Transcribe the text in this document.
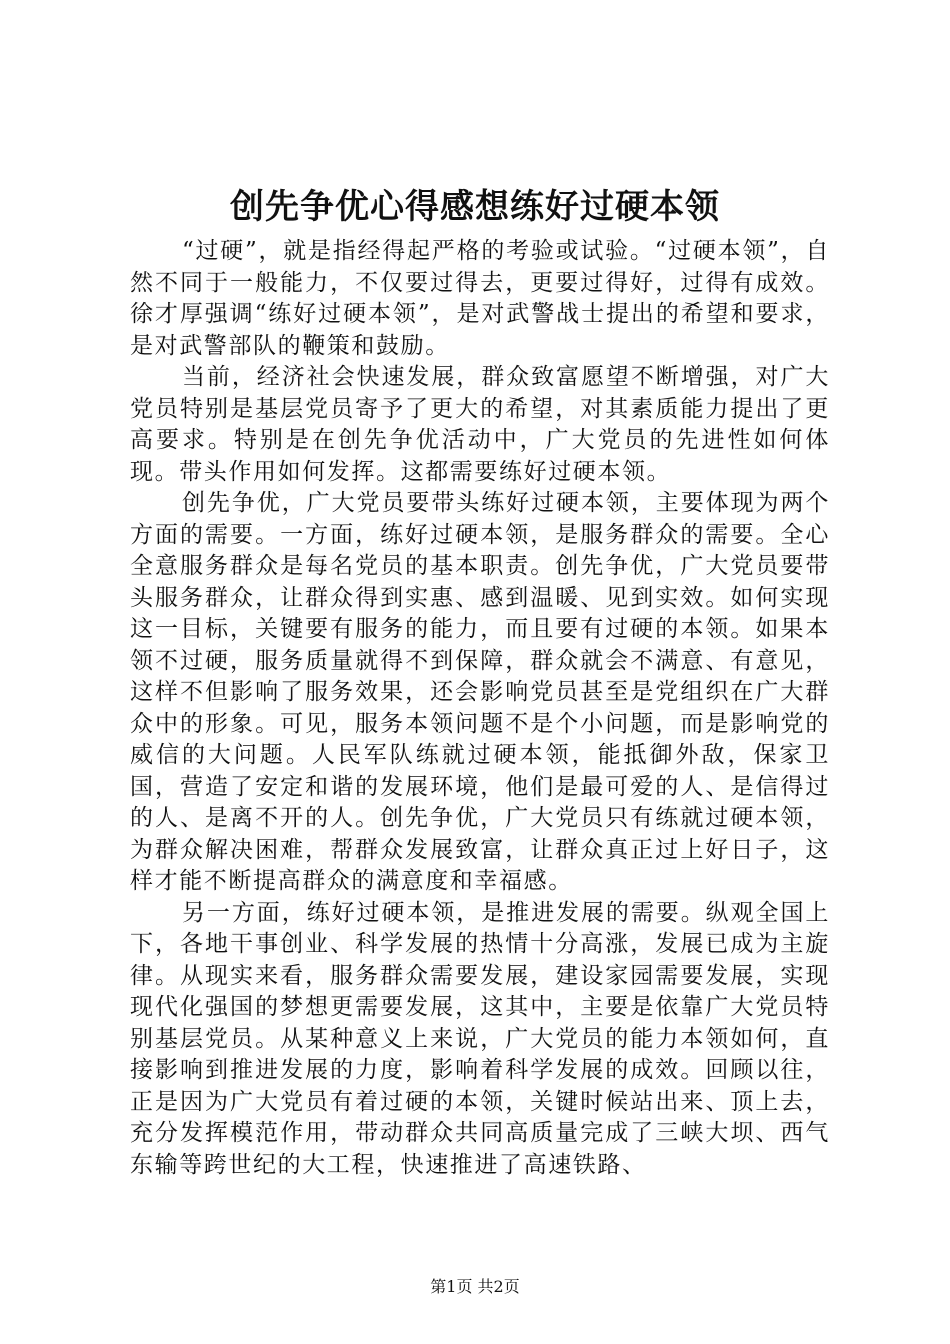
创先争优心得感想练好过硬本领

“过硬”，就是指经得起严格的考验或试验。“过硬本领”，自然不同于一般能力，不仅要过得去，更要过得好，过得有成效。徐才厚强调“练好过硬本领”，是对武警战士提出的希望和要求，是对武警部队的鞭策和鼓励。

当前，经济社会快速发展，群众致富愿望不断增强，对广大党员特别是基层党员寄予了更大的希望，对其素质能力提出了更高要求。特别是在创先争优活动中，广大党员的先进性如何体现。带头作用如何发挥。这都需要练好过硬本领。

创先争优，广大党员要带头练好过硬本领，主要体现为两个方面的需要。一方面，练好过硬本领，是服务群众的需要。全心全意服务群众是每名党员的基本职责。创先争优，广大党员要带头服务群众，让群众得到实惠、感到温暖、见到实效。如何实现这一目标，关键要有服务的能力，而且要有过硬的本领。如果本领不过硬，服务质量就得不到保障，群众就会不满意、有意见，这样不但影响了服务效果，还会影响党员甚至是党组织在广大群众中的形象。可见，服务本领问题不是个小问题，而是影响党的威信的大问题。人民军队练就过硬本领，能抵御外敌，保家卫国，营造了安定和谐的发展环境，他们是最可爱的人、是信得过的人、是离不开的人。创先争优，广大党员只有练就过硬本领，为群众解决困难，帮群众发展致富，让群众真正过上好日子，这样才能不断提高群众的满意度和幸福感。

另一方面，练好过硬本领，是推进发展的需要。纵观全国上下，各地干事创业、科学发展的热情十分高涨，发展已成为主旋律。从现实来看，服务群众需要发展，建设家园需要发展，实现现代化强国的梦想更需要发展，这其中，主要是依靠广大党员特别基层党员。从某种意义上来说，广大党员的能力本领如何，直接影响到推进发展的力度，影响着科学发展的成效。回顾以往，正是因为广大党员有着过硬的本领，关键时候站出来、顶上去，充分发挥模范作用，带动群众共同高质量完成了三峡大坝、西气东输等跨世纪的大工程，快速推进了高速铁路、

第1页 共2页
